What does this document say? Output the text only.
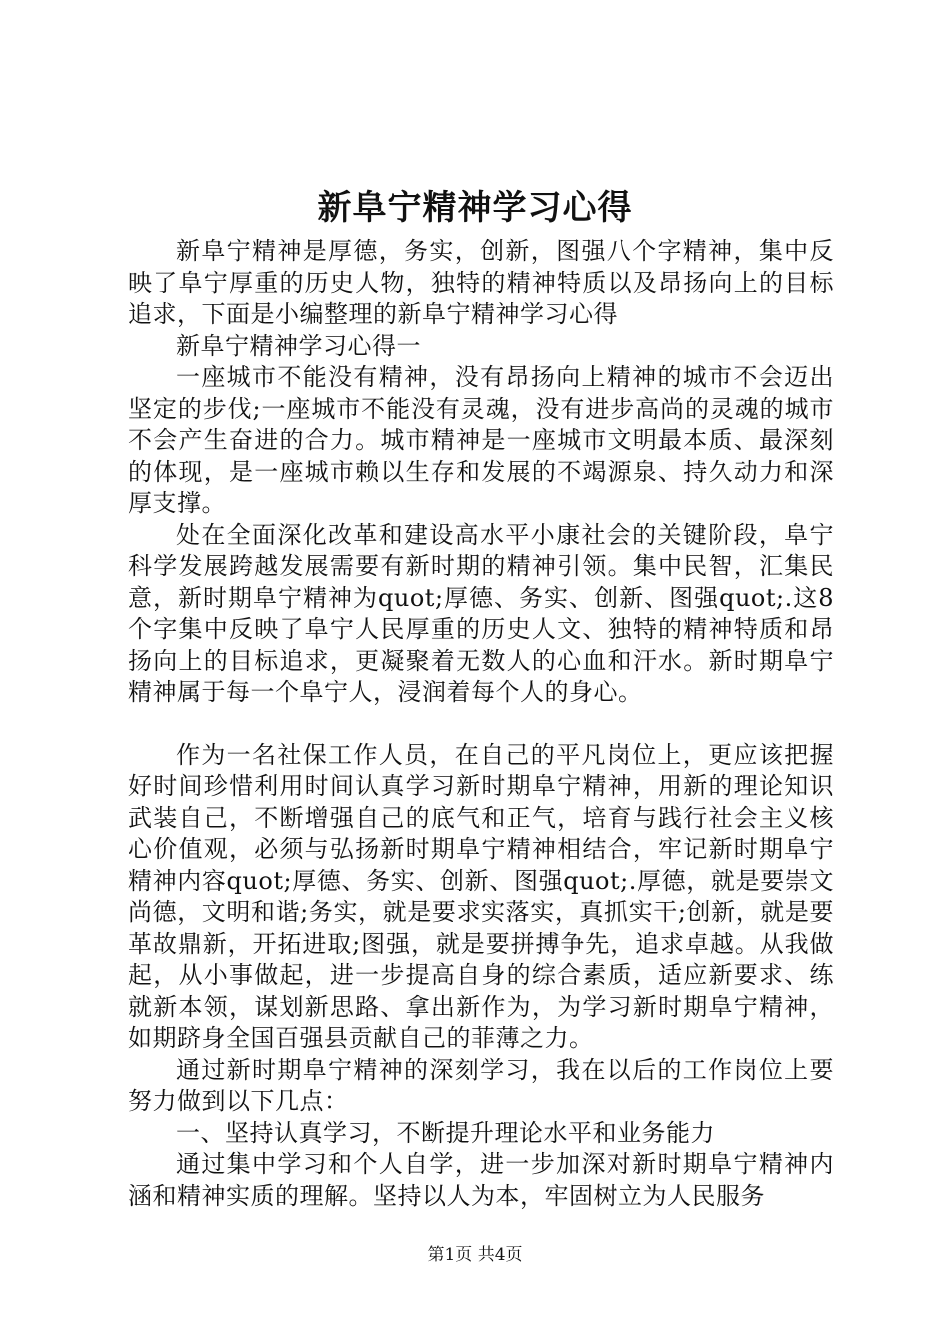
新阜宁精神学习心得

新阜宁精神是厚德，务实，创新，图强八个字精神，集中反映了阜宁厚重的历史人物，独特的精神特质以及昂扬向上的目标追求，下面是小编整理的新阜宁精神学习心得

新阜宁精神学习心得一

一座城市不能没有精神，没有昂扬向上精神的城市不会迈出坚定的步伐;一座城市不能没有灵魂，没有进步高尚的灵魂的城市不会产生奋进的合力。城市精神是一座城市文明最本质、最深刻的体现，是一座城市赖以生存和发展的不竭源泉、持久动力和深厚支撑。

处在全面深化改革和建设高水平小康社会的关键阶段，阜宁科学发展跨越发展需要有新时期的精神引领。集中民智，汇集民意，新时期阜宁精神为quot;厚德、务实、创新、图强quot;.这8个字集中反映了阜宁人民厚重的历史人文、独特的精神特质和昂扬向上的目标追求，更凝聚着无数人的心血和汗水。新时期阜宁精神属于每一个阜宁人，浸润着每个人的身心。

作为一名社保工作人员，在自己的平凡岗位上，更应该把握好时间珍惜利用时间认真学习新时期阜宁精神，用新的理论知识武装自己，不断增强自己的底气和正气，培育与践行社会主义核心价值观，必须与弘扬新时期阜宁精神相结合，牢记新时期阜宁精神内容quot;厚德、务实、创新、图强quot;.厚德，就是要崇文尚德，文明和谐;务实，就是要求实落实，真抓实干;创新，就是要革故鼎新，开拓进取;图强，就是要拼搏争先，追求卓越。从我做起，从小事做起，进一步提高自身的综合素质，适应新要求、练就新本领，谋划新思路、拿出新作为，为学习新时期阜宁精神，如期跻身全国百强县贡献自己的菲薄之力。

通过新时期阜宁精神的深刻学习，我在以后的工作岗位上要努力做到以下几点：

一、坚持认真学习，不断提升理论水平和业务能力

通过集中学习和个人自学，进一步加深对新时期阜宁精神内涵和精神实质的理解。坚持以人为本，牢固树立为人民服务

第1页 共4页
